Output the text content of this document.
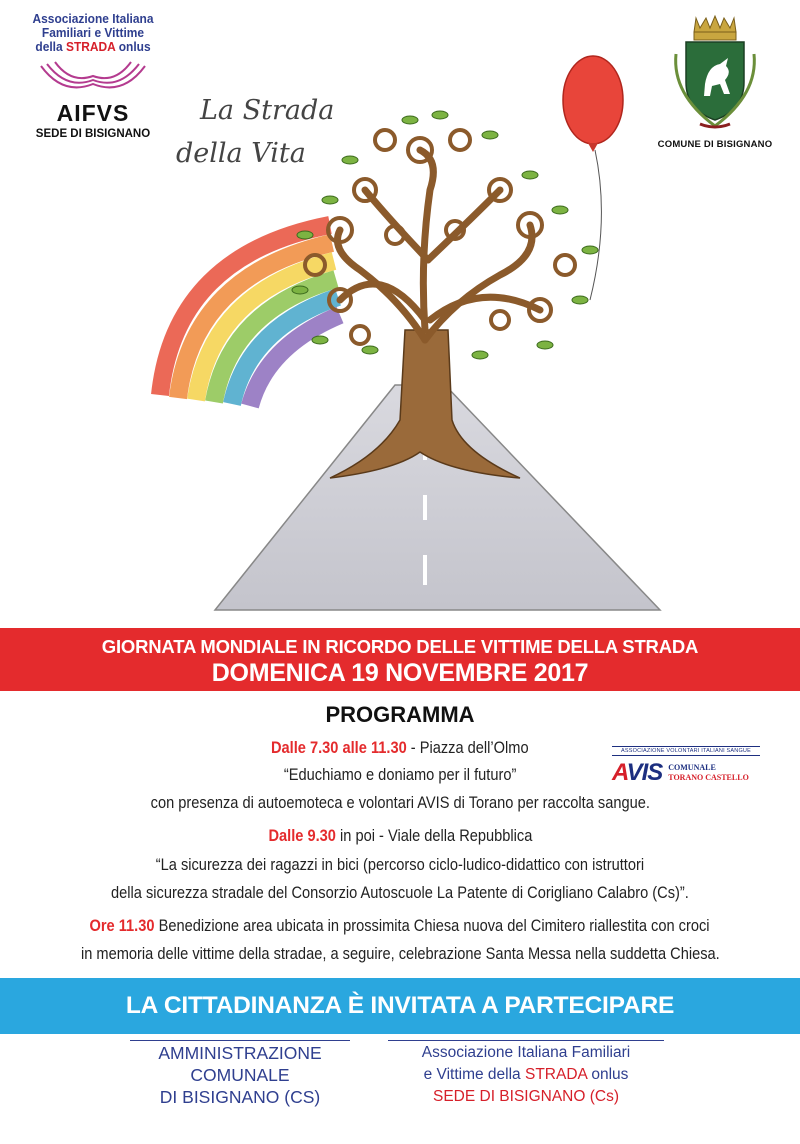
La Strada
della Vita
Associazione Italiana
Familiari e Vittime
della STRADA onlus
AIFVS
SEDE DI BISIGNANO
COMUNE DI BISIGNANO
GIORNATA MONDIALE IN RICORDO DELLE VITTIME DELLA STRADA
DOMENICA 19 NOVEMBRE 2017
PROGRAMMA
Dalle 7.30 alle 11.30 - Piazza dell’Olmo
“Educhiamo e doniamo per il futuro”
con presenza di autoemoteca e volontari AVIS di Torano per raccolta sangue.
Dalle 9.30 in poi - Viale della Repubblica
“La sicurezza dei ragazzi in bici (percorso ciclo-ludico-didattico con istruttori
della sicurezza stradale del Consorzio Autoscuole La Patente di Corigliano Calabro (Cs)”.
Ore 11.30 Benedizione area ubicata in prossimita Chiesa nuova del Cimitero riallestita con croci
in memoria delle vittime della stradae, a seguire, celebrazione Santa Messa nella suddetta Chiesa.
ASSOCIAZIONE VOLONTARI ITALIANI SANGUE
AVIS COMUNALE
TORANO CASTELLO
LA CITTADINANZA È INVITATA A PARTECIPARE
AMMINISTRAZIONE
COMUNALE
DI BISIGNANO (CS)
Associazione Italiana Familiari
e Vittime della STRADA onlus
SEDE DI BISIGNANO (Cs)
